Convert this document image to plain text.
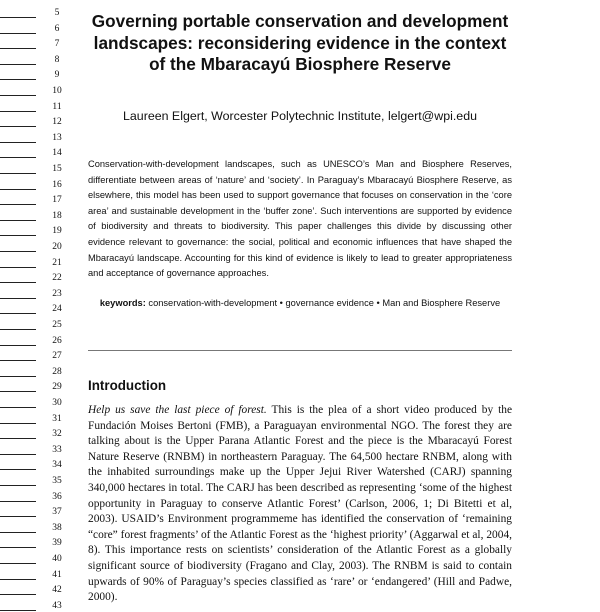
5
6
7
8
9
10
11
12
13
14
15
16
17
18
19
20
21
22
23
24
25
26
27
28
29
30
31
32
33
34
35
36
37
38
39
40
41
42
43
Governing portable conservation and development landscapes: reconsidering evidence in the context of the Mbaracayú Biosphere Reserve
Laureen Elgert, Worcester Polytechnic Institute, lelgert@wpi.edu

Conservation-with-development landscapes, such as UNESCO’s Man and Biosphere Reserves, differentiate between areas of ‘nature’ and ‘society’. In Paraguay’s Mbaracayú Biosphere Reserve, as elsewhere, this model has been used to support governance that focuses on conservation in the ‘core area’ and sustainable development in the ‘buffer zone’. Such interventions are supported by evidence of biodiversity and threats to biodiversity. This paper challenges this divide by discussing other evidence relevant to governance: the social, political and economic influences that have shaped the Mbaracayú landscape. Accounting for this kind of evidence is likely to lead to greater appropriateness and acceptance of governance approaches.

keywords: conservation-with-development • governance evidence • Man and Biosphere Reserve
Introduction

Help us save the last piece of forest. This is the plea of a short video produced by the Fundación Moises Bertoni (FMB), a Paraguayan environmental NGO. The forest they are talking about is the Upper Parana Atlantic Forest and the piece is the Mbaracayú Forest Nature Reserve (RNBM) in northeastern Paraguay. The 64,500 hectare RNBM, along with the inhabited surroundings make up the Upper Jejui River Watershed (CARJ) spanning 340,000 hectares in total. The CARJ has been described as representing ‘some of the highest opportunity in Paraguay to conserve Atlantic Forest’ (Carlson, 2006, 1; Di Bitetti et al, 2003). USAID’s Environment programmeme has identified the conservation of ‘remaining “core” forest fragments’ of the Atlantic Forest as the ‘highest priority’ (Aggarwal et al, 2004, 8). This importance rests on scientists’ consideration of the Atlantic Forest as a globally significant source of biodiversity (Fragano and Clay, 2003). The RNBM is said to contain upwards of 90% of Paraguay’s species classified as ‘rare’ or ‘endangered’ (Hill and Padwe, 2000).
